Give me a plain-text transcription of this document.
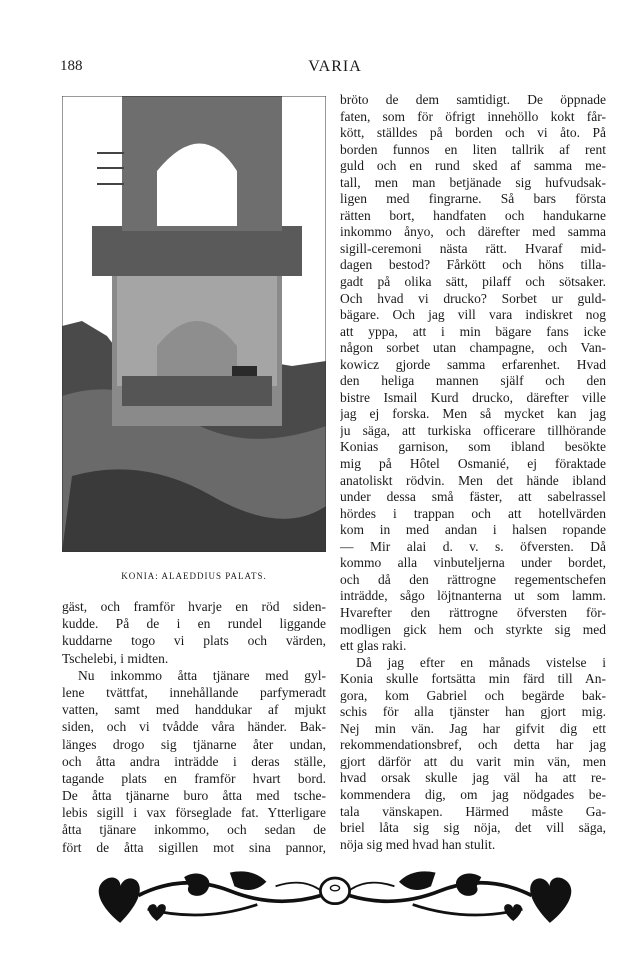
188	VARIA
KONIA: ALAEDDIUS PALATS.
gäst, och framför hvarje en röd siden-
kudde. På de i en rundel liggande
kuddarne togo vi plats och värden,
Tschelebi, i midten.
Nu inkommo åtta tjänare med gyl-
lene tvättfat, innehållande parfymeradt
vatten, samt med handdukar af mjukt
siden, och vi tvådde våra händer. Bak-
länges drogo sig tjänarne åter undan,
och åtta andra inträdde i deras ställe,
tagande plats en framför hvart bord.
De åtta tjänarne buro åtta med tsche-
lebis sigill i vax förseglade fat. Ytterligare
åtta tjänare inkommo, och sedan de
fört de åtta sigillen mot sina pannor,
bröto de dem samtidigt. De öppnade
faten, som för öfrigt innehöllo kokt får-
kött, ställdes på borden och vi åto. På
borden funnos en liten tallrik af rent
guld och en rund sked af samma me-
tall, men man betjänade sig hufvudsak-
ligen med fingrarne. Så bars första
rätten bort, handfaten och handukarne
inkommo ånyo, och därefter med samma
sigill-ceremoni nästa rätt. Hvaraf mid-
dagen bestod? Fårkött och höns tilla-
gadt på olika sätt, pilaff och sötsaker.
Och hvad vi drucko? Sorbet ur guld-
bägare. Och jag vill vara indiskret nog
att yppa, att i min bägare fans icke
någon sorbet utan champagne, och Van-
kowicz gjorde samma erfarenhet. Hvad
den heliga mannen själf och den
bistre Ismail Kurd drucko, därefter ville
jag ej forska. Men så mycket kan jag
ju säga, att turkiska officerare tillhörande
Konias garnison, som ibland besökte
mig på Hôtel Osmanié, ej föraktade
anatoliskt rödvin. Men det hände ibland
under dessa små fäster, att sabelrassel
hördes i trappan och att hotellvärden
kom in med andan i halsen ropande
— Mir alai d. v. s. öfversten. Då
kommo alla vinbuteljerna under bordet,
och då den rättrogne regementschefen
inträdde, sågo löjtnanterna ut som lamm.
Hvarefter den rättrogne öfversten för-
modligen gick hem och styrkte sig med
ett glas raki.
Då jag efter en månads vistelse i
Konia skulle fortsätta min färd till An-
gora, kom Gabriel och begärde bak-
schis för alla tjänster han gjort mig.
Nej min vän. Jag har gifvit dig ett
rekommendationsbref, och detta har jag
gjort därför att du varit min vän, men
hvad orsak skulle jag väl ha att re-
kommendera dig, om jag nödgades be-
tala vänskapen. Härmed måste Ga-
briel låta sig sig nöja, det vill säga,
nöja sig med hvad han stulit.
